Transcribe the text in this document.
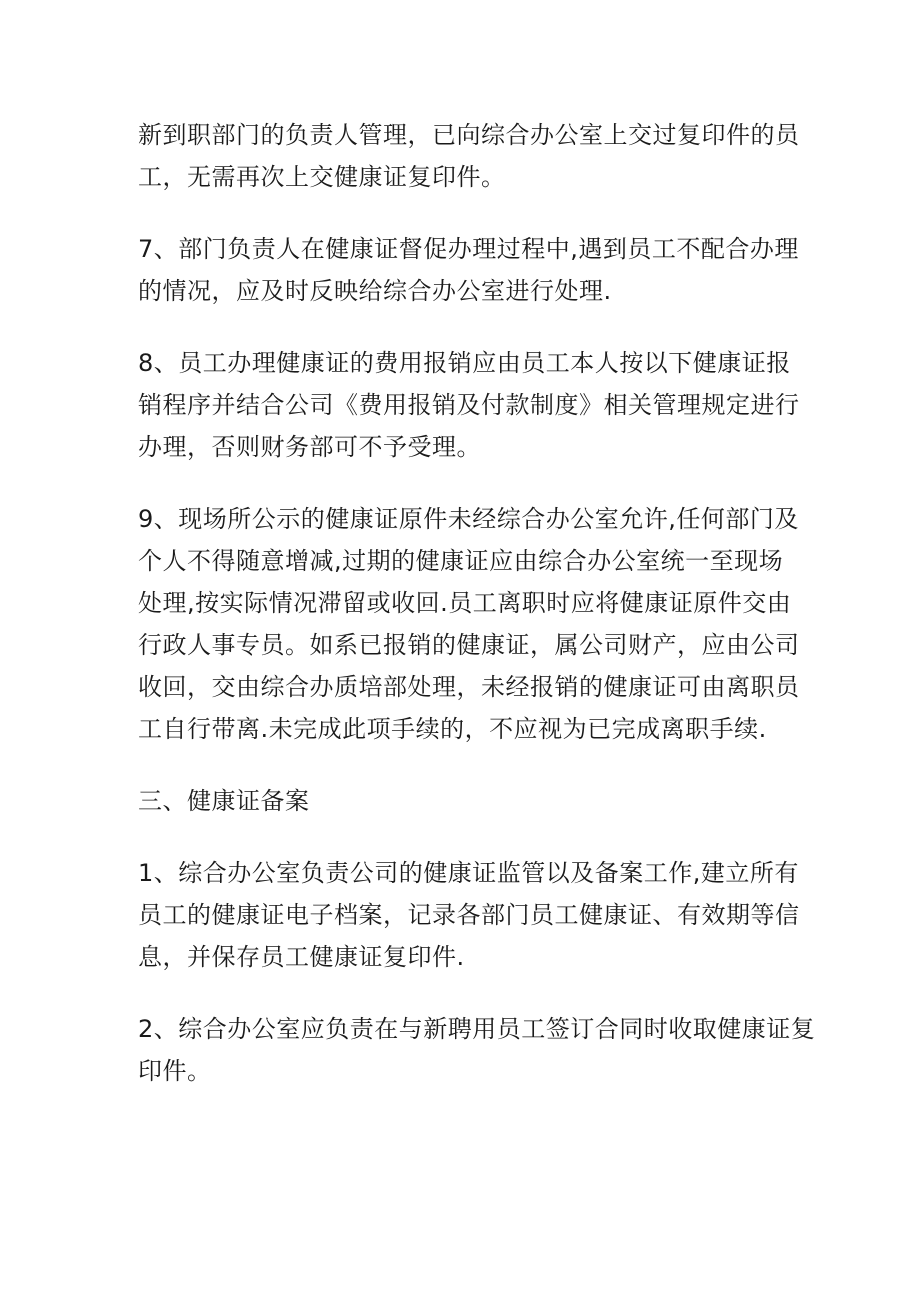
新到职部门的负责人管理，已向综合办公室上交过复印件的员
工，无需再次上交健康证复印件。

7、部门负责人在健康证督促办理过程中,遇到员工不配合办理
的情况，应及时反映给综合办公室进行处理.

8、员工办理健康证的费用报销应由员工本人按以下健康证报
销程序并结合公司《费用报销及付款制度》相关管理规定进行
办理，否则财务部可不予受理。

9、现场所公示的健康证原件未经综合办公室允许,任何部门及
个人不得随意增减,过期的健康证应由综合办公室统一至现场
处理,按实际情况滞留或收回.员工离职时应将健康证原件交由
行政人事专员。如系已报销的健康证，属公司财产，应由公司
收回，交由综合办质培部处理，未经报销的健康证可由离职员
工自行带离.未完成此项手续的，不应视为已完成离职手续.

三、健康证备案

1、综合办公室负责公司的健康证监管以及备案工作,建立所有
员工的健康证电子档案，记录各部门员工健康证、有效期等信
息，并保存员工健康证复印件.

2、综合办公室应负责在与新聘用员工签订合同时收取健康证复
印件。
